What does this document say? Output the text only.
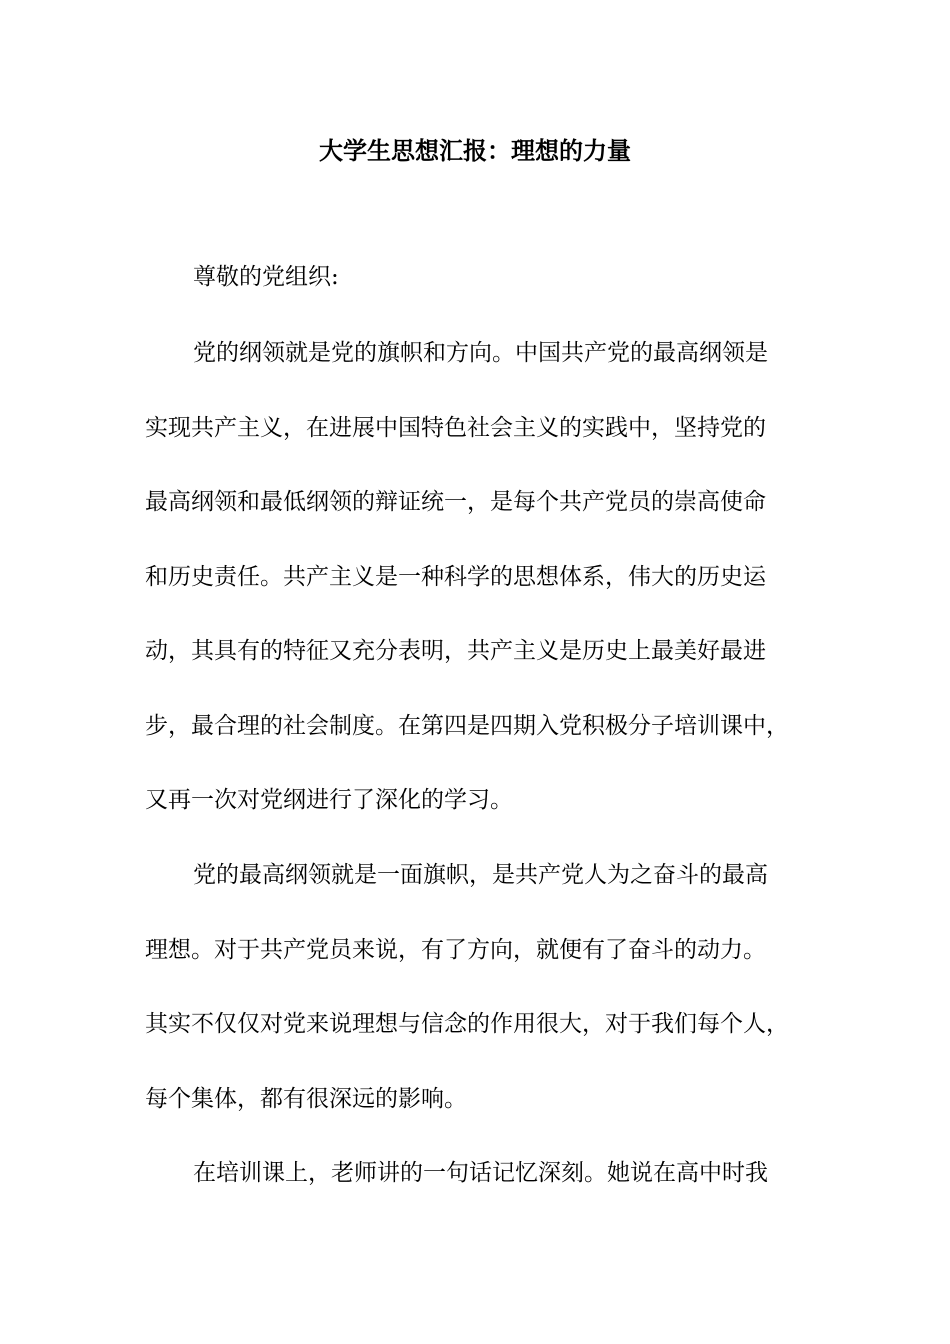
大学生思想汇报：理想的力量
尊敬的党组织:
党的纲领就是党的旗帜和方向。中国共产党的最高纲领是
实现共产主义，在进展中国特色社会主义的实践中，坚持党的
最高纲领和最低纲领的辩证统一，是每个共产党员的崇高使命
和历史责任。共产主义是一种科学的思想体系，伟大的历史运
动，其具有的特征又充分表明，共产主义是历史上最美好最进
步，最合理的社会制度。在第四是四期入党积极分子培训课中，
又再一次对党纲进行了深化的学习。
党的最高纲领就是一面旗帜，是共产党人为之奋斗的最高
理想。对于共产党员来说，有了方向，就便有了奋斗的动力。
其实不仅仅对党来说理想与信念的作用很大，对于我们每个人，
每个集体，都有很深远的影响。
在培训课上，老师讲的一句话记忆深刻。她说在高中时我
